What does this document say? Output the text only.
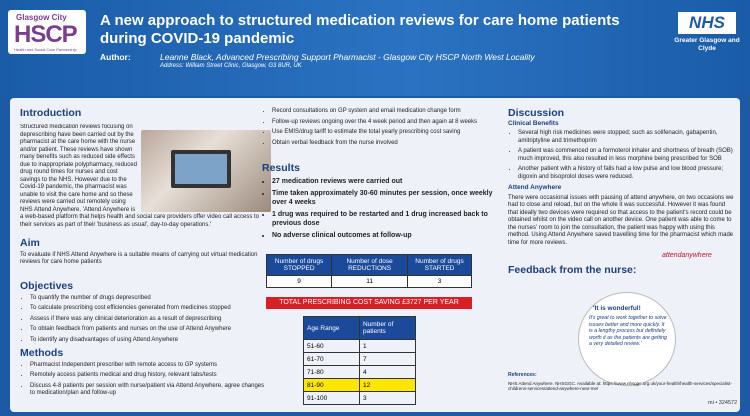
Glasgow City
HSCP
Health and Social Care Partnership
A new approach to structured medication reviews for care home patients during COVID-19 pandemic
Author:	Leanne Black, Advanced Prescribing Support Pharmacist - Glasgow City HSCP North West Locality
Address: William Street Clinic, Glasgow, G3 8UR, UK
NHS
Greater Glasgow and Clyde
Introduction
Structured medication reviews focusing on deprescribing have been carried out by the pharmacist at the care home with the nurse and/or patient. These reviews have shown many benefits such as reduced side effects due to inappropriate polypharmacy, reduced drug round times for nurses and cost savings to the NHS. However due to the Covid-19 pandemic, the pharmacist was unable to visit the care home and so these reviews were carried out remotely using NHS Attend Anywhere. 'Attend Anywhere is a web-based platform that helps health and social care providers offer video call access to their services as part of their 'business as usual', day-to-day operations.'
Aim
To evaluate if NHS Attend Anywhere is a suitable means of carrying out virtual medication reviews for care home patients
Objectives
• To quantify the number of drugs deprescribed
• To calculate prescribing cost efficiencies generated from medicines stopped
• Assess if there was any clinical deterioration as a result of deprescribing
• To obtain feedback from patients and nurses on the use of Attend Anywhere
• To identify any disadvantages of using Attend Anywhere
Methods
• Pharmacist Independent prescriber with remote access to GP systems
• Remotely access patients medical and drug history, relevant labs/tests
• Discuss 4-8 patients per session with nurse/patient via Attend Anywhere, agree changes to medication/plan and follow-up
• Record consultations on GP system and email medication change form
• Follow-up reviews ongoing over the 4 week period and then again at 8 weeks
• Use EMIS/drug tariff to estimate the total yearly prescribing cost saving
• Obtain verbal feedback from the nurse involved
Results
• 27 medication reviews were carried out
• Time taken approximately 30-60 minutes per session, once weekly over 4 weeks
• 1 drug was required to be restarted and 1 drug increased back to previous dose
• No adverse clinical outcomes at follow-up
Number of drugs STOPPED	Number of dose REDUCTIONS	Number of drugs STARTED
9	11	3
TOTAL PRESCRIBING COST SAVING £3727 PER YEAR
Age Range	Number of patients
51-60	1
61-70	7
71-80	4
81-90	12
91-100	3
Discussion
Clinical Benefits
• Several high risk medicines were stopped; such as solifenacin, gabapentin, amitriptyline and trimethoprim
• A patient was commenced on a formoterol inhaler and shortness of breath (SOB) much improved, this also resulted in less morphine being prescribed for SOB
• Another patient with a history of falls had a low pulse and low blood pressure; digoxin and bisoprolol doses were reduced.
Attend Anywhere
There were occasional issues with pausing of attend anywhere, on two occasions we had to close and reload, but on the whole it was successful. However it was found that ideally two devices were required so that access to the patient's record could be obtained whilst on the video call on another device. One patient was able to come to the nurses' room to join the consultation, the patient was happy with using this method. Using Attend Anywhere saved travelling time for the pharmacist which made time for more reviews.
Feedback from the nurse:
attendanywhere
'It is wonderful!
It's great to work together to solve issues better and more quickly. It is a lengthy process but definitely worth it as the patients are getting a very detailed review.'
References:
NHS Attend Anywhere. NHSGGC. Available at: https://www.nhsggc.org.uk/your-health/health-services/specialist-childrens-services/attend-anywhere-near-me/
mi • 324572
